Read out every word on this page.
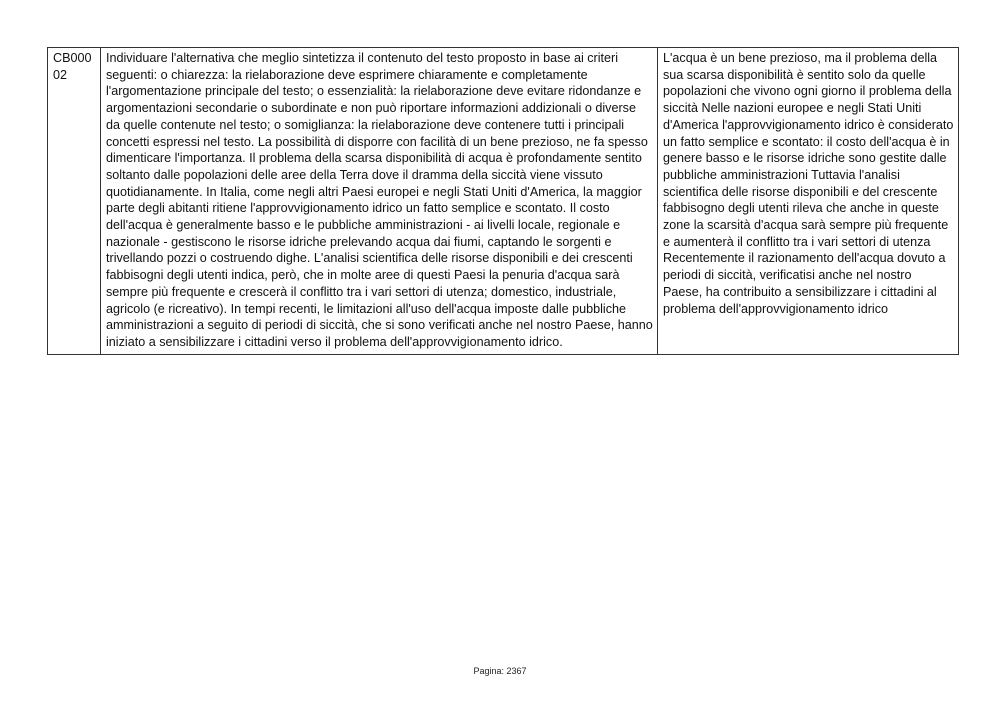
CB00002	Individuare l'alternativa che meglio sintetizza il contenuto del testo proposto in base ai criteri seguenti: o chiarezza: la rielaborazione deve esprimere chiaramente e completamente l'argomentazione principale del testo; o essenzialità: la rielaborazione deve evitare ridondanze e argomentazioni secondarie o subordinate e non può riportare informazioni addizionali o diverse da quelle contenute nel testo; o somiglianza: la rielaborazione deve contenere tutti i principali concetti espressi nel testo. La possibilità di disporre con facilità di un bene prezioso, ne fa spesso dimenticare l'importanza. Il problema della scarsa disponibilità di acqua è profondamente sentito soltanto dalle popolazioni delle aree della Terra dove il dramma della siccità viene vissuto quotidianamente. In Italia, come negli altri Paesi europei e negli Stati Uniti d'America, la maggior parte degli abitanti ritiene l'approvvigionamento idrico un fatto semplice e scontato. Il costo dell'acqua è generalmente basso e le pubbliche amministrazioni - ai livelli locale, regionale e nazionale - gestiscono le risorse idriche prelevando acqua dai fiumi, captando le sorgenti e trivellando pozzi o costruendo dighe. L'analisi scientifica delle risorse disponibili e dei crescenti fabbisogni degli utenti indica, però, che in molte aree di questi Paesi la penuria d'acqua sarà sempre più frequente e crescerà il conflitto tra i vari settori di utenza; domestico, industriale, agricolo (e ricreativo). In tempi recenti, le limitazioni all'uso dell'acqua imposte dalle pubbliche amministrazioni a seguito di periodi di siccità, che si sono verificati anche nel nostro Paese, hanno iniziato a sensibilizzare i cittadini verso il problema dell'approvvigionamento idrico.	L'acqua è un bene prezioso, ma il problema della sua scarsa disponibilità è sentito solo da quelle popolazioni che vivono ogni giorno il problema della siccità Nelle nazioni europee e negli Stati Uniti d'America l'approvvigionamento idrico è considerato un fatto semplice e scontato: il costo dell'acqua è in genere basso e le risorse idriche sono gestite dalle pubbliche amministrazioni Tuttavia l'analisi scientifica delle risorse disponibili e del crescente fabbisogno degli utenti rileva che anche in queste zone la scarsità d'acqua sarà sempre più frequente e aumenterà il conflitto tra i vari settori di utenza Recentemente il razionamento dell'acqua dovuto a periodi di siccità, verificatisi anche nel nostro Paese, ha contribuito a sensibilizzare i cittadini al problema dell'approvvigionamento idrico
Pagina: 2367
